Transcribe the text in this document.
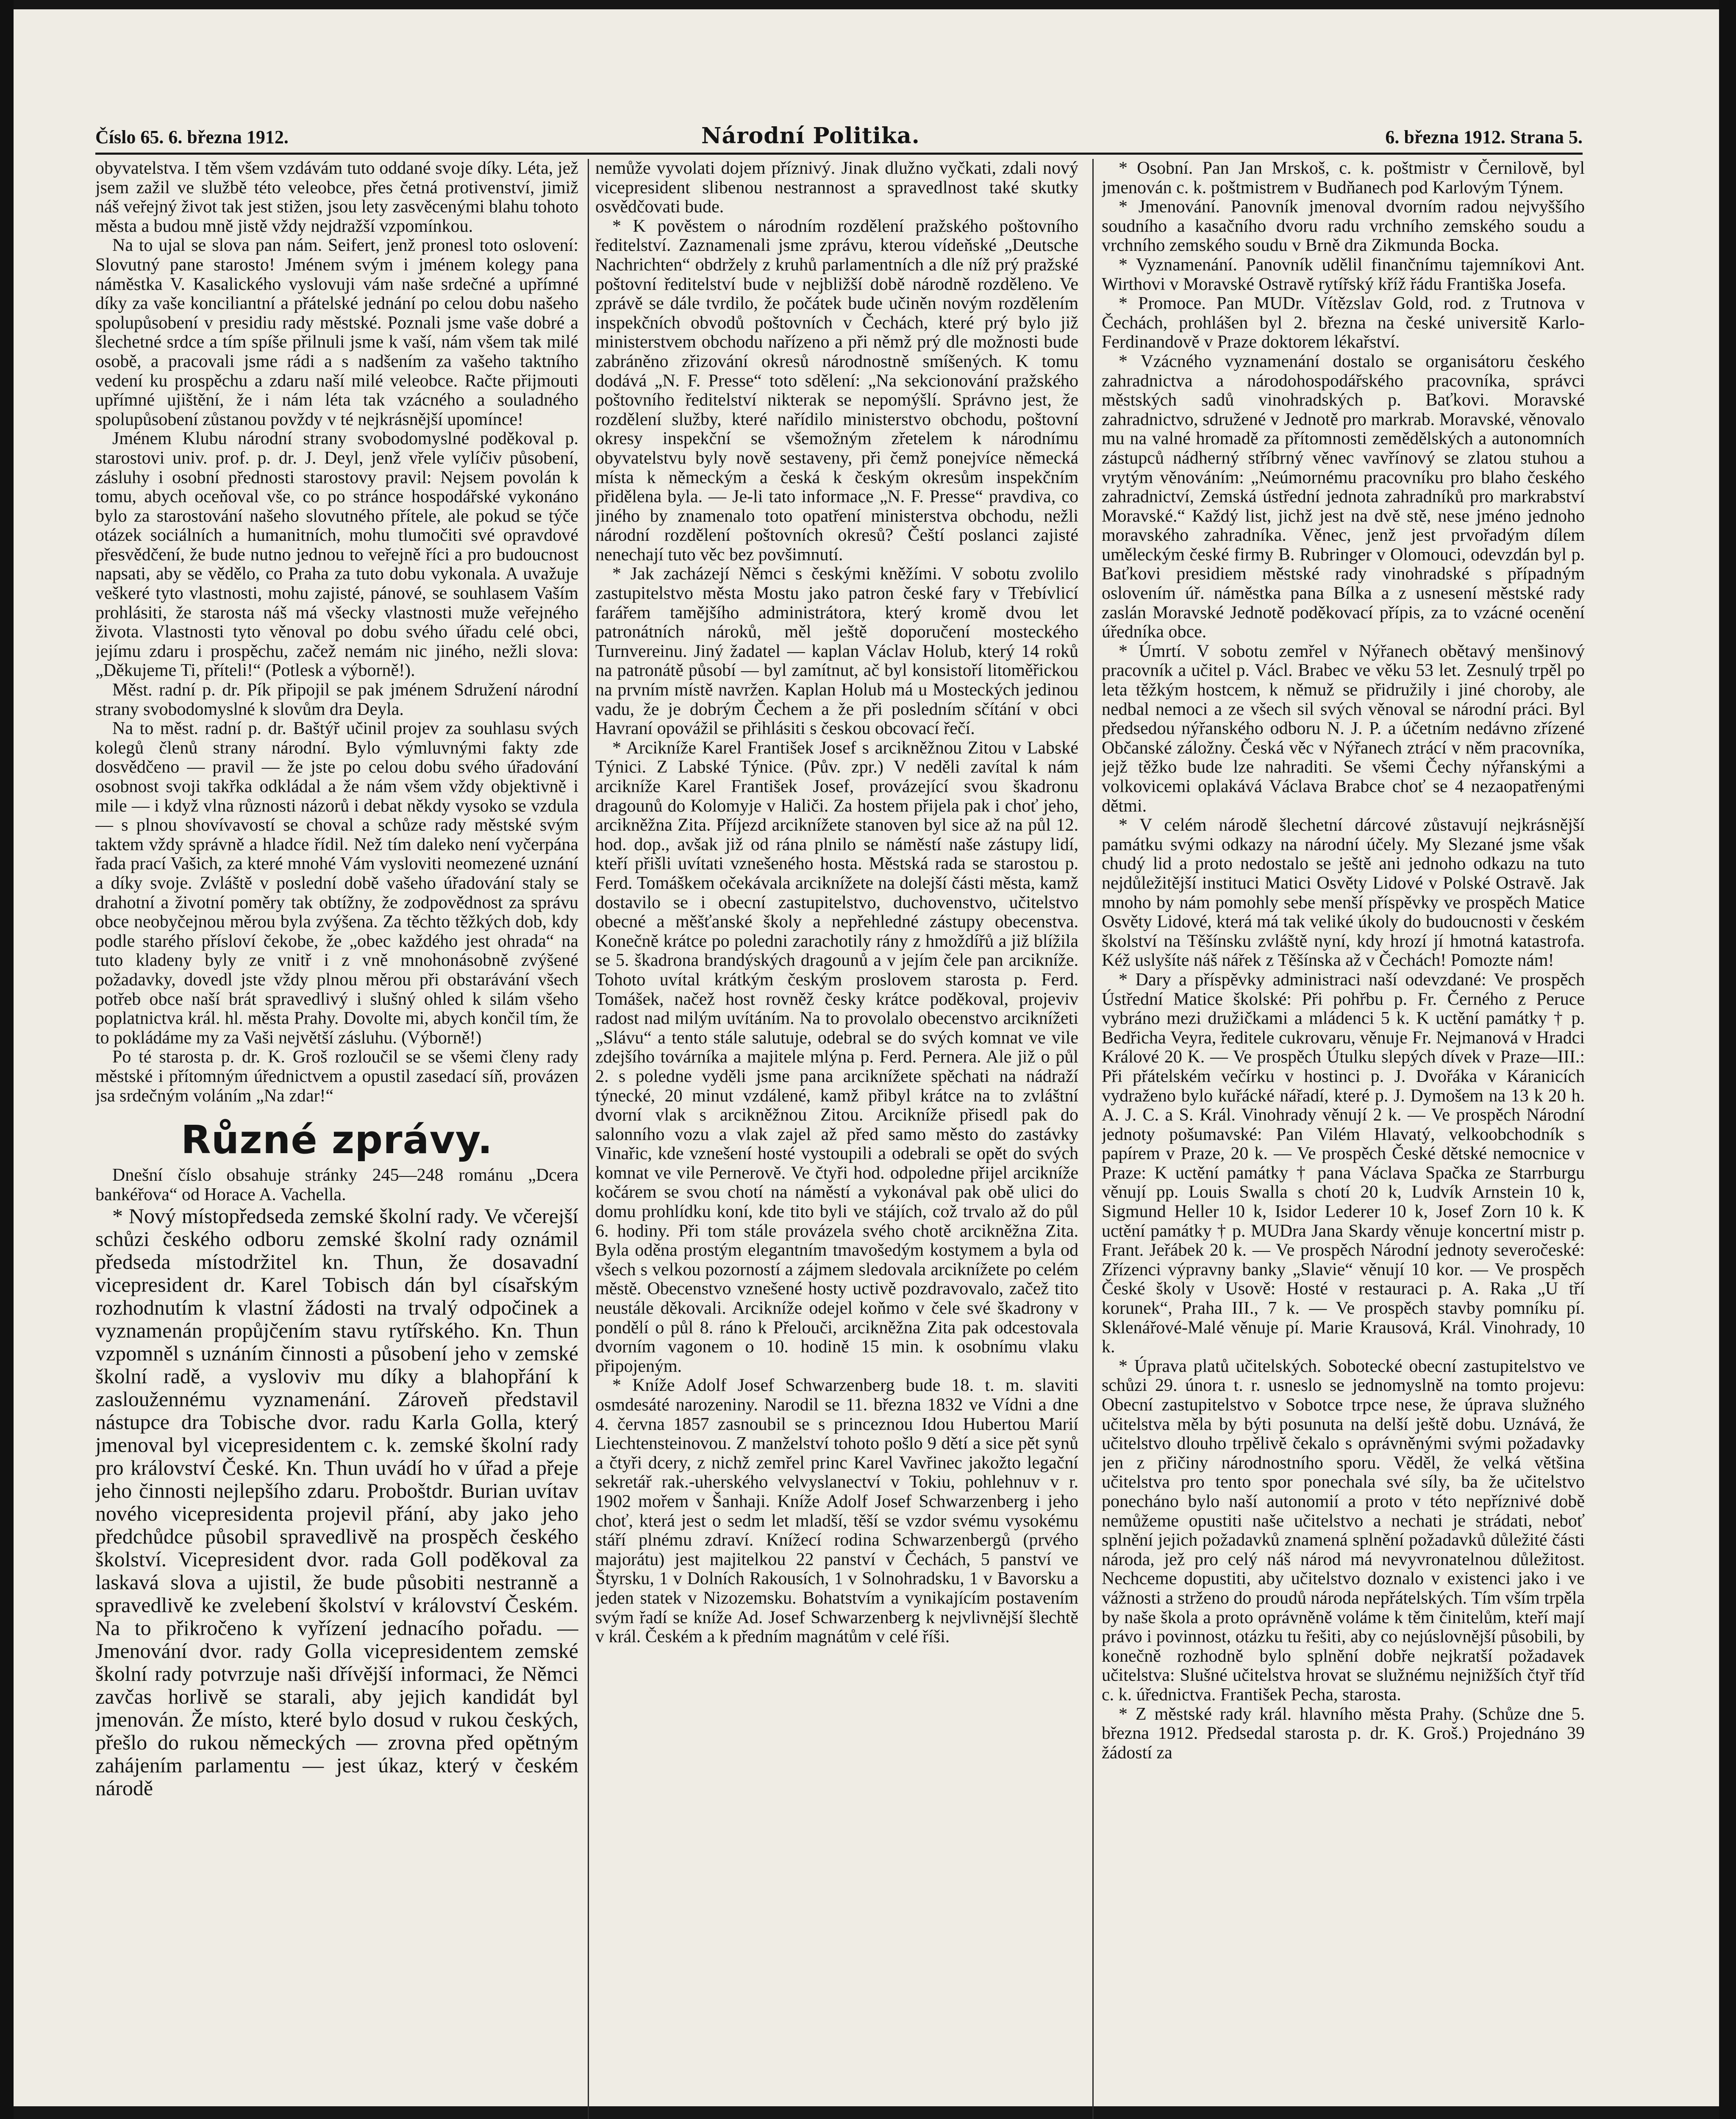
Číslo 65. 6. března 1912.	Národní Politika.	6. března 1912. Strana 5.

obyvatelstva. I těm všem vzdávám tuto oddané svoje díky. Léta, jež jsem zažil ve službě této veleobce, přes četná protivenství, jimiž náš veřejný život tak jest stižen, jsou lety zasvěcenými blahu tohoto města a budou mně jistě vždy nejdražší vzpomínkou.

Na to ujal se slova pan nám. Seifert, jenž pronesl toto oslovení: Slovutný pane starosto! Jménem svým i jménem kolegy pana náměstka V. Kasalického vyslovuji vám naše srdečné a upřímné díky za vaše konciliantní a přátelské jednání po celou dobu našeho spolupůsobení v presidiu rady městské. Poznali jsme vaše dobré a šlechetné srdce a tím spíše přilnuli jsme k vaší, nám všem tak milé osobě, a pracovali jsme rádi a s nadšením za vašeho taktního vedení ku prospěchu a zdaru naší milé veleobce. Račte přijmouti upřímné ujištění, že i nám léta tak vzácného a souladného spolupůsobení zůstanou povždy v té nejkrásnější upomínce!

Jménem Klubu národní strany svobodomyslné poděkoval p. starostovi univ. prof. p. dr. J. Deyl, jenž vřele vylíčiv působení, zásluhy i osobní přednosti starostovy pravil: Nejsem povolán k tomu, abych oceňoval vše, co po stránce hospodářské vykonáno bylo za starostování našeho slovutného přítele, ale pokud se týče otázek sociálních a humanitních, mohu tlumočiti své opravdové přesvědčení, že bude nutno jednou to veřejně říci a pro budoucnost napsati, aby se vědělo, co Praha za tuto dobu vykonala. A uvažuje veškeré tyto vlastnosti, mohu zajisté, pánové, se souhlasem Vaším prohlásiti, že starosta náš má všecky vlastnosti muže veřejného života. Vlastnosti tyto věnoval po dobu svého úřadu celé obci, jejímu zdaru i prospěchu, začež nemám nic jiného, nežli slova: „Děkujeme Ti, příteli!“ (Potlesk a výborně!).

Měst. radní p. dr. Pík připojil se pak jménem Sdružení národní strany svobodomyslné k slovům dra Deyla.

Na to měst. radní p. dr. Baštýř učinil projev za souhlasu svých kolegů členů strany národní. Bylo výmluvnými fakty zde dosvědčeno — pravil — že jste po celou dobu svého úřadování osobnost svoji takřka odkládal a že nám všem vždy objektivně i mile — i když vlna různosti názorů i debat někdy vysoko se vzdula — s plnou shovívavostí se choval a schůze rady městské svým taktem vždy správně a hladce řídil. Než tím daleko není vyčerpána řada prací Vašich, za které mnohé Vám vysloviti neomezené uznání a díky svoje. Zvláště v poslední době vašeho úřadování staly se drahotní a životní poměry tak obtížny, že zodpovědnost za správu obce neobyčejnou měrou byla zvýšena. Za těchto těžkých dob, kdy podle starého přísloví čekobe, že „obec každého jest ohrada“ na tuto kladeny byly ze vnitř i z vně mnohonásobně zvýšené požadavky, dovedl jste vždy plnou měrou při obstarávání všech potřeb obce naší brát spravedlivý i slušný ohled k silám všeho poplatnictva král. hl. města Prahy. Dovolte mi, abych končil tím, že to pokládáme my za Vaši největší zásluhu. (Výborně!)

Po té starosta p. dr. K. Groš rozloučil se se všemi členy rady městské i přítomným úřednictvem a opustil zasedací síň, provázen jsa srdečným voláním „Na zdar!“

Různé zprávy.

Dnešní číslo obsahuje stránky 245—248 románu „Dcera bankéřova“ od Horace A. Vachella.

* Nový místopředseda zemské školní rady. Ve včerejší schůzi českého odboru zemské školní rady oznámil předseda místodržitel kn. Thun, že dosavadní vicepresident dr. Karel Tobisch dán byl císařským rozhodnutím k vlastní žádosti na trvalý odpočinek a vyznamenán propůjčením stavu rytířského. Kn. Thun vzpomněl s uznáním činnosti a působení jeho v zemské školní radě, a vysloviv mu díky a blahopřání k zasloužennému vyznamenání. Zároveň představil nástupce dra Tobische dvor. radu Karla Golla, který jmenoval byl vicepresidentem c. k. zemské školní rady pro království České. Kn. Thun uvádí ho v úřad a přeje jeho činnosti nejlepšího zdaru. Proboštdr. Burian uvítav nového vicepresidenta projevil přání, aby jako jeho předchůdce působil spravedlivě na prospěch českého školství. Vicepresident dvor. rada Goll poděkoval za laskavá slova a ujistil, že bude působiti nestranně a spravedlivě ke zvelebení školství v království Českém. Na to přikročeno k vyřízení jednacího pořadu. — Jmenování dvor. rady Golla vicepresidentem zemské školní rady potvrzuje naši dřívější informaci, že Němci zavčas horlivě se starali, aby jejich kandidát byl jmenován. Že místo, které bylo dosud v rukou českých, přešlo do rukou německých — zrovna před opětným zahájením parlamentu — jest úkaz, který v českém národě

nemůže vyvolati dojem příznivý. Jinak dlužno vyčkati, zdali nový vicepresident slibenou nestrannost a spravedlnost také skutky osvědčovati bude.

* K pověstem o národním rozdělení pražského poštovního ředitelství. Zaznamenali jsme zprávu, kterou vídeňské „Deutsche Nachrichten“ obdržely z kruhů parlamentních a dle níž prý pražské poštovní ředitelství bude v nejbližší době národně rozděleno. Ve zprávě se dále tvrdilo, že počátek bude učiněn novým rozdělením inspekčních obvodů poštovních v Čechách, které prý bylo již ministerstvem obchodu nařízeno a při němž prý dle možnosti bude zabráněno zřizování okresů národnostně smíšených. K tomu dodává „N. F. Presse“ toto sdělení: „Na sekcionování pražského poštovního ředitelství nikterak se nepomýšlí. Správno jest, že rozdělení služby, které nařídilo ministerstvo obchodu, poštovní okresy inspekční se všemožným zřetelem k národnímu obyvatelstvu byly nově sestaveny, při čemž ponejvíce německá místa k německým a česká k českým okresům inspekčním přidělena byla. — Je-li tato informace „N. F. Presse“ pravdiva, co jiného by znamenalo toto opatření ministerstva obchodu, nežli národní rozdělení poštovních okresů? Čeští poslanci zajisté nenechají tuto věc bez povšimnutí.

* Jak zacházejí Němci s českými kněžími. V sobotu zvolilo zastupitelstvo města Mostu jako patron české fary v Třebívlicí farářem tamějšího administrátora, který kromě dvou let patronátních nároků, měl ještě doporučení mosteckého Turnvereinu. Jiný žadatel — kaplan Václav Holub, který 14 roků na patronátě působí — byl zamítnut, ač byl konsistoří litoměřickou na prvním místě navržen. Kaplan Holub má u Mosteckých jedinou vadu, že je dobrým Čechem a že při posledním sčítání v obci Havraní opovážil se přihlásiti s českou obcovací řečí.

* Arcikníže Karel František Josef s arcikněžnou Zitou v Labské Týnici. Z Labské Týnice. (Pův. zpr.) V neděli zavítal k nám arcikníže Karel František Josef, provázející svou škadronu dragounů do Kolomyje v Haliči. Za hostem přijela pak i choť jeho, arcikněžna Zita. Příjezd arciknížete stanoven byl sice až na půl 12. hod. dop., avšak již od rána plnilo se náměstí naše zástupy lidí, kteří přišli uvítati vznešeného hosta. Městská rada se starostou p. Ferd. Tomáškem očekávala arciknížete na dolejší části města, kamž dostavilo se i obecní zastupitelstvo, duchovenstvo, učitelstvo obecné a měšťanské školy a nepřehledné zástupy obecenstva. Konečně krátce po poledni zarachotily rány z hmoždířů a již blížila se 5. škadrona brandýských dragounů a v jejím čele pan arcikníže. Tohoto uvítal krátkým českým proslovem starosta p. Ferd. Tomášek, načež host rovněž česky krátce poděkoval, projeviv radost nad milým uvítáním. Na to provolalo obecenstvo arciknížeti „Slávu“ a tento stále salutuje, odebral se do svých komnat ve vile zdejšího továrníka a majitele mlýna p. Ferd. Pernera. Ale již o půl 2. s poledne vyděli jsme pana arciknížete spěchati na nádraží týnecké, 20 minut vzdálené, kamž přibyl krátce na to zvláštní dvorní vlak s arcikněžnou Zitou. Arcikníže přisedl pak do salonního vozu a vlak zajel až před samo město do zastávky Vinařic, kde vznešení hosté vystoupili a odebrali se opět do svých komnat ve vile Pernerově. Ve čtyři hod. odpoledne přijel arcikníže kočárem se svou chotí na náměstí a vykonával pak obě ulici do domu prohlídku koní, kde tito byli ve stájích, což trvalo až do půl 6. hodiny. Při tom stále provázela svého chotě arcikněžna Zita. Byla oděna prostým elegantním tmavošedým kostymem a byla od všech s velkou pozorností a zájmem sledovala arciknížete po celém městě. Obecenstvo vznešené hosty uctivě pozdravovalo, začež tito neustále děkovali. Arcikníže odejel koňmo v čele své škadrony v pondělí o půl 8. ráno k Přelouči, arcikněžna Zita pak odcestovala dvorním vagonem o 10. hodině 15 min. k osobnímu vlaku připojeným.

* Kníže Adolf Josef Schwarzenberg bude 18. t. m. slaviti osmdesáté narozeniny. Narodil se 11. března 1832 ve Vídni a dne 4. června 1857 zasnoubil se s princeznou Idou Hubertou Marií Liechtensteinovou. Z manželství tohoto pošlo 9 dětí a sice pět synů a čtyři dcery, z nichž zemřel princ Karel Vavřinec jakožto legační sekretář rak.-uherského velvyslanectví v Tokiu, pohlehnuv v r. 1902 mořem v Šanhaji. Kníže Adolf Josef Schwarzenberg i jeho choť, která jest o sedm let mladší, těší se vzdor svému vysokému stáří plnému zdraví. Knížecí rodina Schwarzenbergů (prvého majorátu) jest majitelkou 22 panství v Čechách, 5 panství ve Štyrsku, 1 v Dolních Rakousích, 1 v Solnohradsku, 1 v Bavorsku a jeden statek v Nizozemsku. Bohatstvím a vynikajícím postavením svým řadí se kníže Ad. Josef Schwarzenberg k nejvlivnější šlechtě v král. Českém a k předním magnátům v celé říši.

* Osobní. Pan Jan Mrskoš, c. k. poštmistr v Černilově, byl jmenován c. k. poštmistrem v Budňanech pod Karlovým Týnem.

* Jmenování. Panovník jmenoval dvorním radou nejvyššího soudního a kasačního dvoru radu vrchního zemského soudu a vrchního zemského soudu v Brně dra Zikmunda Bocka.

* Vyznamenání. Panovník udělil finančnímu tajemníkovi Ant. Wirthovi v Moravské Ostravě rytířský kříž řádu Františka Josefa.

* Promoce. Pan MUDr. Vítězslav Gold, rod. z Trutnova v Čechách, prohlášen byl 2. března na české universitě Karlo-Ferdinandově v Praze doktorem lékařství.

* Vzácného vyznamenání dostalo se organisátoru českého zahradnictva a národohospodářského pracovníka, správci městských sadů vinohradských p. Baťkovi. Moravské zahradnictvo, sdružené v Jednotě pro markrab. Moravské, věnovalo mu na valné hromadě za přítomnosti zemědělských a autonomních zástupců nádherný stříbrný věnec vavřínový se zlatou stuhou a vrytým věnováním: „Neúmornému pracovníku pro blaho českého zahradnictví, Zemská ústřední jednota zahradníků pro markrabství Moravské.“ Každý list, jichž jest na dvě stě, nese jméno jednoho moravského zahradníka. Věnec, jenž jest prvořadým dílem uměleckým české firmy B. Rubringer v Olomouci, odevzdán byl p. Baťkovi presidiem městské rady vinohradské s případným oslovením úř. náměstka pana Bílka a z usnesení městské rady zaslán Moravské Jednotě poděkovací přípis, za to vzácné ocenění úředníka obce.

* Úmrtí. V sobotu zemřel v Nýřanech obětavý menšinový pracovník a učitel p. Václ. Brabec ve věku 53 let. Zesnulý trpěl po leta těžkým hostcem, k němuž se přidružily i jiné choroby, ale nedbal nemoci a ze všech sil svých věnoval se národní práci. Byl předsedou nýřanského odboru N. J. P. a účetním nedávno zřízené Občanské záložny. Česká věc v Nýřanech ztrácí v něm pracovníka, jejž těžko bude lze nahraditi. Se všemi Čechy nýřanskými a volkovicemi oplakává Václava Brabce choť se 4 nezaopatřenými dětmi.

* V celém národě šlechetní dárcové zůstavují nejkrásnější památku svými odkazy na národní účely. My Slezané jsme však chudý lid a proto nedostalo se ještě ani jednoho odkazu na tuto nejdůležitější instituci Matici Osvěty Lidové v Polské Ostravě. Jak mnoho by nám pomohly sebe menší příspěvky ve prospěch Matice Osvěty Lidové, která má tak veliké úkoly do budoucnosti v českém školství na Těšínsku zvláště nyní, kdy hrozí jí hmotná katastrofa. Kéž uslyšíte náš nářek z Těšínska až v Čechách! Pomozte nám!

* Dary a příspěvky administraci naší odevzdané: Ve prospěch Ústřední Matice školské: Při pohřbu p. Fr. Černého z Peruce vybráno mezi družičkami a mládenci 5 k. K uctění památky † p. Bedřicha Veyra, ředitele cukrovaru, věnuje Fr. Nejmanová v Hradci Králové 20 K. — Ve prospěch Útulku slepých dívek v Praze—III.: Při přátelském večírku v hostinci p. J. Dvořáka v Káranicích vydraženo bylo kuřácké nářadí, které p. J. Dymošem na 13 k 20 h. A. J. C. a S. Král. Vinohrady věnují 2 k. — Ve prospěch Národní jednoty pošumavské: Pan Vilém Hlavatý, velkoobchodník s papírem v Praze, 20 k. — Ve prospěch České dětské nemocnice v Praze: K uctění památky † pana Václava Spačka ze Starrburgu věnují pp. Louis Swalla s chotí 20 k, Ludvík Arnstein 10 k, Sigmund Heller 10 k, Isidor Lederer 10 k, Josef Zorn 10 k. K uctění památky † p. MUDra Jana Skardy věnuje koncertní mistr p. Frant. Jeřábek 20 k. — Ve prospěch Národní jednoty severočeské: Zřízenci výpravny banky „Slavie“ věnují 10 kor. — Ve prospěch České školy v Usově: Hosté v restauraci p. A. Raka „U tří korunek“, Praha III., 7 k. — Ve prospěch stavby pomníku pí. Sklenářové-Malé věnuje pí. Marie Krausová, Král. Vinohrady, 10 k.

* Úprava platů učitelských. Sobotecké obecní zastupitelstvo ve schůzi 29. února t. r. usneslo se jednomyslně na tomto projevu: Obecní zastupitelstvo v Sobotce trpce nese, že úprava služného učitelstva měla by býti posunuta na delší ještě dobu. Uznává, že učitelstvo dlouho trpělivě čekalo s oprávněnými svými požadavky jen z přičiny národnostního sporu. Věděl, že velká většina učitelstva pro tento spor ponechala své síly, ba že učitelstvo ponecháno bylo naší autonomií a proto v této nepříznivé době nemůžeme opustiti naše učitelstvo a nechati je strádati, neboť splnění jejich požadavků znamená splnění požadavků důležité části národa, jež pro celý náš národ má nevyvronatelnou důležitost. Nechceme dopustiti, aby učitelstvo doznalo v existenci jako i ve vážnosti a strženo do proudů národa nepřátelských. Tím vším trpěla by naše škola a proto oprávněně voláme k těm činitelům, kteří mají právo i povinnost, otázku tu řešiti, aby co nejúslovnější působili, by konečně rozhodně bylo splnění dobře nejkratší požadavek učitelstva: Slušné učitelstva hrovat se služnému nejnižších čtyř tříd c. k. úřednictva. František Pecha, starosta.

* Z městské rady král. hlavního města Prahy. (Schůze dne 5. března 1912. Předsedal starosta p. dr. K. Groš.) Projednáno 39 žádostí za
